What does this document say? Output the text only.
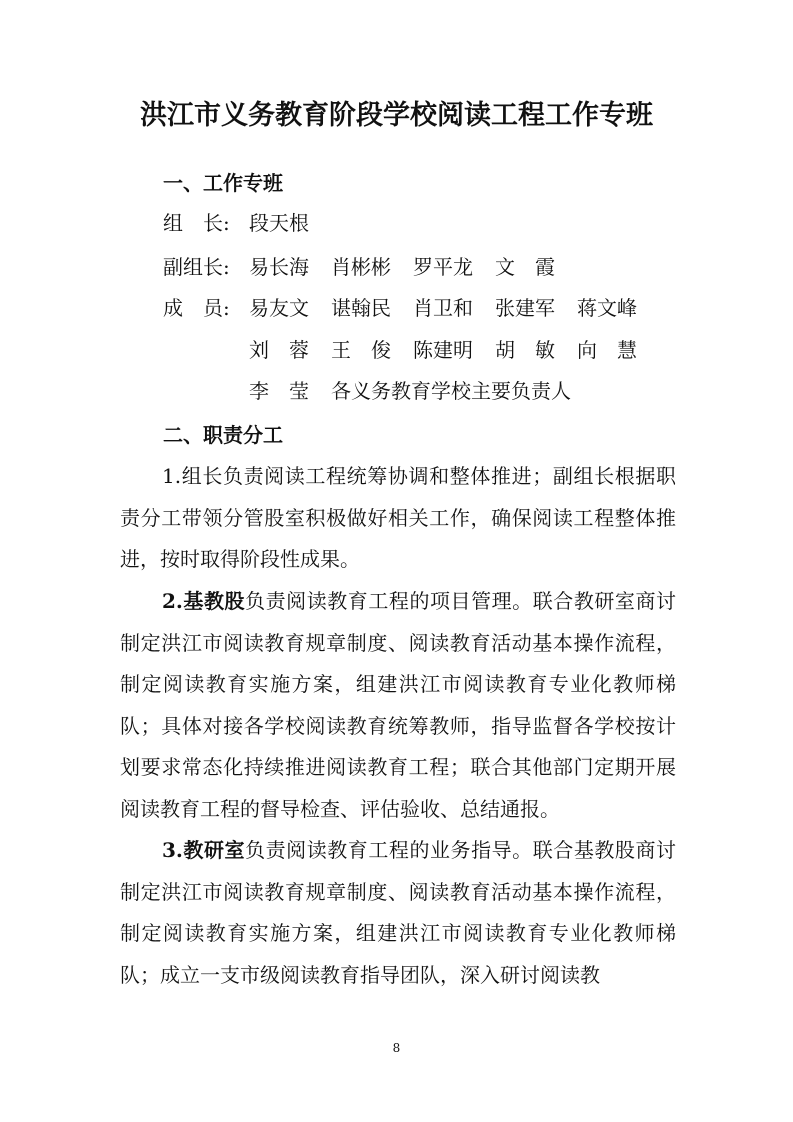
洪江市义务教育阶段学校阅读工程工作专班
一、工作专班
组　长: 段天根
副组长: 易长海 肖彬彬 罗平龙 文　霞
成　员: 易友文 谌翰民 肖卫和 张建军 蒋文峰
刘　蓉 王　俊 陈建明 胡　敏 向　慧
李　莹 各义务教育学校主要负责人
二、职责分工

1.组长负责阅读工程统筹协调和整体推进；副组长根据职责分工带领分管股室积极做好相关工作，确保阅读工程整体推进，按时取得阶段性成果。

2.基教股负责阅读教育工程的项目管理。联合教研室商讨制定洪江市阅读教育规章制度、阅读教育活动基本操作流程，制定阅读教育实施方案，组建洪江市阅读教育专业化教师梯队；具体对接各学校阅读教育统筹教师，指导监督各学校按计划要求常态化持续推进阅读教育工程；联合其他部门定期开展阅读教育工程的督导检查、评估验收、总结通报。

3.教研室负责阅读教育工程的业务指导。联合基教股商讨制定洪江市阅读教育规章制度、阅读教育活动基本操作流程，制定阅读教育实施方案，组建洪江市阅读教育专业化教师梯队；成立一支市级阅读教育指导团队，深入研讨阅读教

8
